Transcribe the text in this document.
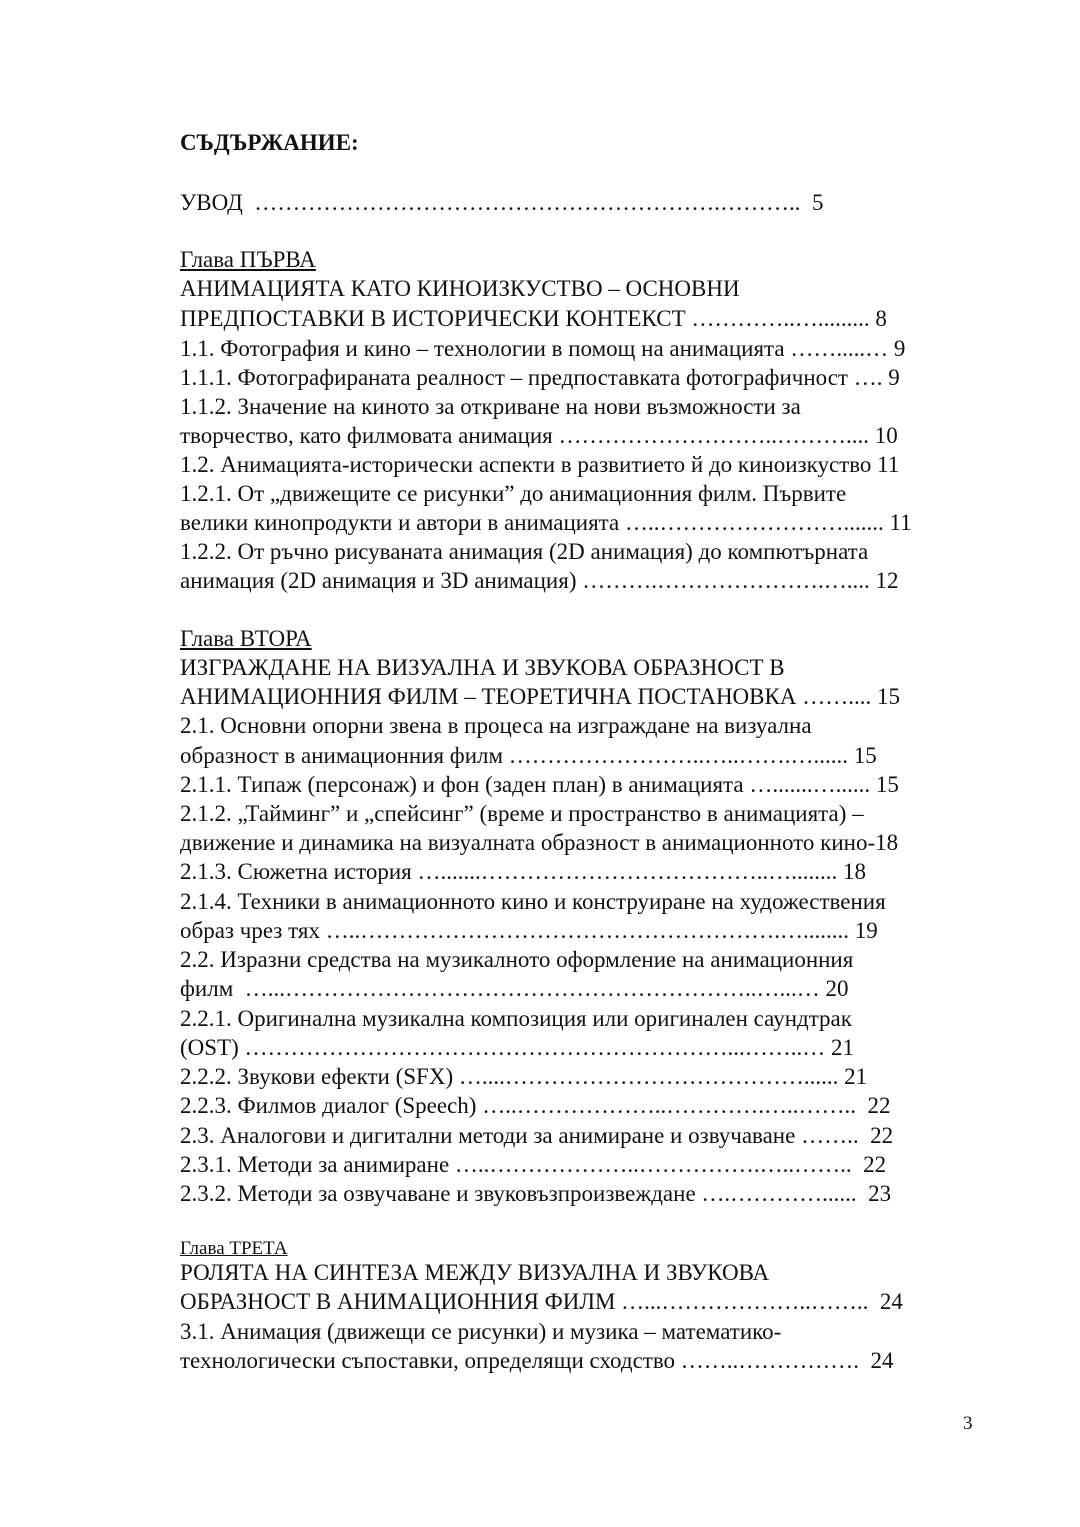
СЪДЪРЖАНИЕ:
УВОД  …………………………………………………….………..  5
Глава ПЪРВА
АНИМАЦИЯТА КАТО КИНОИЗКУСТВО – ОСНОВНИ
ПРЕДПОСТАВКИ В ИСТОРИЧЕСКИ КОНТЕКСТ …………..…......... 8
1.1. Фотография и кино – технологии в помощ на анимацията …….....… 9
1.1.1. Фотографираната реалност – предпоставката фотографичност …. 9
1.1.2. Значение на киното за откриване на нови възможности за
творчество, като филмовата анимация ………………………..……….... 10
1.2. Анимацията-исторически аспекти в развитието й до киноизкуство 11
1.2.1. От „движещите се рисунки” до анимационния филм. Първите
велики кинопродукти и автори в анимацията …..……………………....... 11
1.2.2. От ръчно рисуваната анимация (2D анимация) до компютърната
анимация (2D анимация и 3D анимация) ……….………………….….... 12
Глава ВТОРА
ИЗГРАЖДАНЕ НА ВИЗУАЛНА И ЗВУКОВА ОБРАЗНОСТ В
АНИМАЦИОННИЯ ФИЛМ – ТЕОРЕТИЧНА ПОСТАНОВКА …….... 15
2.1. Основни опорни звена в процеса на изграждане на визуална
образност в анимационния филм ……………………..…..…….…...... 15
2.1.1. Типаж (персонаж) и фон (заден план) в анимацията ….......…...... 15
2.1.2. „Тайминг” и „спейсинг” (време и пространство в анимацията) –
движение и динамика на визуалната образност в анимационното кино-18
2.1.3. Сюжетна история ….......………………………………..…........ 18
2.1.4. Техники в анимационното кино и конструиране на художествения
образ чрез тях …..……………………………………………….…........ 19
2.2. Изразни средства на музикалното оформление на анимационния
филм  …...……………………………………………………..…...… 20
2.2.1. Оригинална музикална композиция или оригинален саундтрак
(OST) ………………………………………………………...……..… 21
2.2.2. Звукови ефекти (SFX) …....…………………………………...... 21
2.2.3. Филмов диалог (Speech) …..………………..………….…..……..  22
2.3. Аналогови и дигитални методи за анимиране и озвучаване ……..  22
2.3.1. Методи за анимиране …..………………..…………….…..……..  22
2.3.2. Методи за озвучаване и звуковъзпроизвеждане ….…………......  23
Глава ТРЕТА
РОЛЯТА НА СИНТЕЗА МЕЖДУ ВИЗУАЛНА И ЗВУКОВА
ОБРАЗНОСТ В АНИМАЦИОННИЯ ФИЛМ …...………………..……..  24
3.1. Анимация (движещи се рисунки) и музика – математико-
технологически съпоставки, определящи сходство ……..…………….  24
3
